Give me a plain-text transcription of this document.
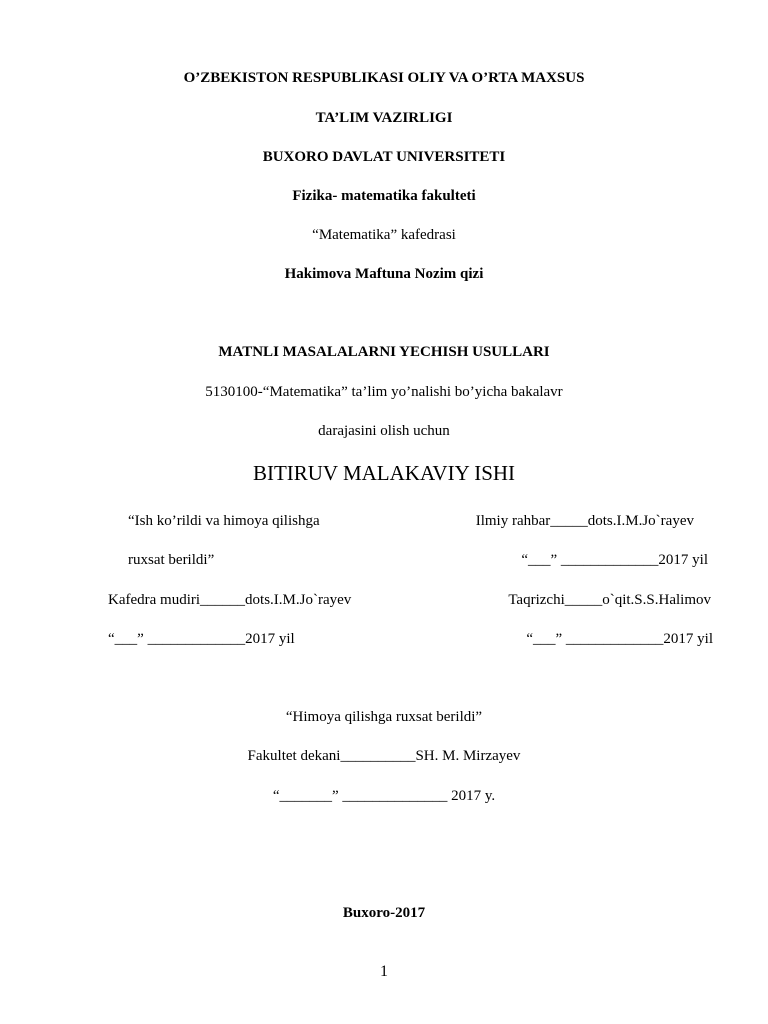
O’ZBEKISTON RESPUBLIKASI OLIY VA O’RTA MAXSUS
TA’LIM VAZIRLIGI
BUXORO DAVLAT UNIVERSITETI
Fizika- matematika fakulteti
“Matematika” kafedrasi
Hakimova Maftuna Nozim qizi
MATNLI MASALALARNI YECHISH USULLARI
5130100-“Matematika” ta’lim yo’nalishi bo’yicha bakalavr
darajasini olish uchun
BITIRUV MALAKAVIY ISHI
“Ish ko’rildi va himoya qilishga	Ilmiy rahbar_____dots.I.M.Jo`rayev
ruxsat berildi”	“___” _____________2017 yil
Kafedra mudiri______dots.I.M.Jo`rayev	Taqrizchi_____o`qit.S.S.Halimov
“___” _____________2017 yil	“___” _____________2017 yil
“Himoya qilishga ruxsat berildi”
Fakultet dekani__________SH. M. Mirzayev
“_______” ______________ 2017 y.
Buxoro-2017
1
